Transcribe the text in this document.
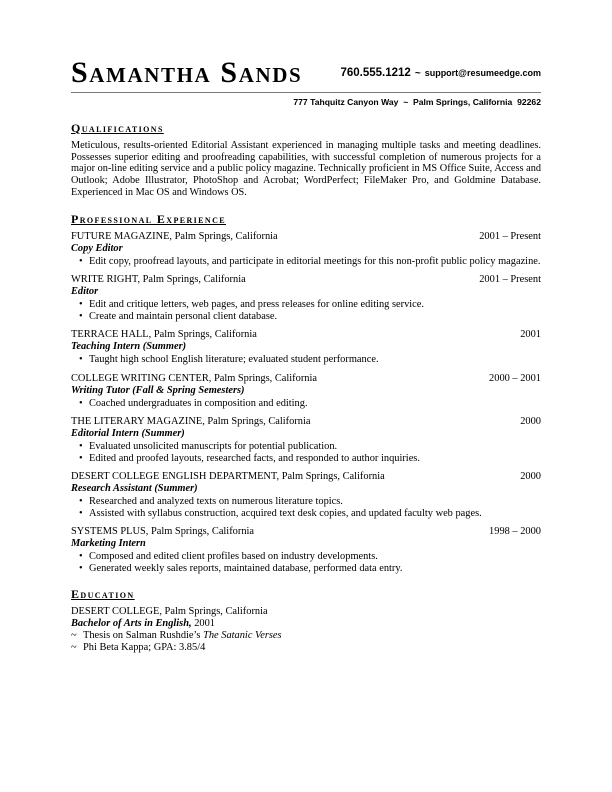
Samantha Sands	760.555.1212 ~ support@resumeedge.com
777 Tahquitz Canyon Way  ~  Palm Springs, California  92262
Qualifications

Meticulous, results-oriented Editorial Assistant experienced in managing multiple tasks and meeting deadlines. Possesses superior editing and proofreading capabilities, with successful completion of numerous projects for a major on-line editing service and a public policy magazine. Technically proficient in MS Office Suite, Access and Outlook; Adobe Illustrator, PhotoShop and Acrobat; WordPerfect; FileMaker Pro, and Goldmine Database. Experienced in Mac OS and Windows OS.

Professional Experience
FUTURE MAGAZINE, Palm Springs, California	2001 – Present
Copy Editor
• Edit copy, proofread layouts, and participate in editorial meetings for this non-profit public policy magazine.
WRITE RIGHT, Palm Springs, California	2001 – Present
Editor
• Edit and critique letters, web pages, and press releases for online editing service.
• Create and maintain personal client database.
TERRACE HALL, Palm Springs, California	2001
Teaching Intern (Summer)
• Taught high school English literature; evaluated student performance.
COLLEGE WRITING CENTER, Palm Springs, California	2000 – 2001
Writing Tutor (Fall & Spring Semesters)
• Coached undergraduates in composition and editing.
THE LITERARY MAGAZINE, Palm Springs, California	2000
Editorial Intern (Summer)
• Evaluated unsolicited manuscripts for potential publication.
• Edited and proofed layouts, researched facts, and responded to author inquiries.
DESERT COLLEGE ENGLISH DEPARTMENT, Palm Springs, California	2000
Research Assistant (Summer)
• Researched and analyzed texts on numerous literature topics.
• Assisted with syllabus construction, acquired text desk copies, and updated faculty web pages.
SYSTEMS PLUS, Palm Springs, California	1998 – 2000
Marketing Intern
• Composed and edited client profiles based on industry developments.
• Generated weekly sales reports, maintained database, performed data entry.
Education
DESERT COLLEGE, Palm Springs, California
Bachelor of Arts in English, 2001
~ Thesis on Salman Rushdie’s The Satanic Verses
~ Phi Beta Kappa; GPA: 3.85/4
